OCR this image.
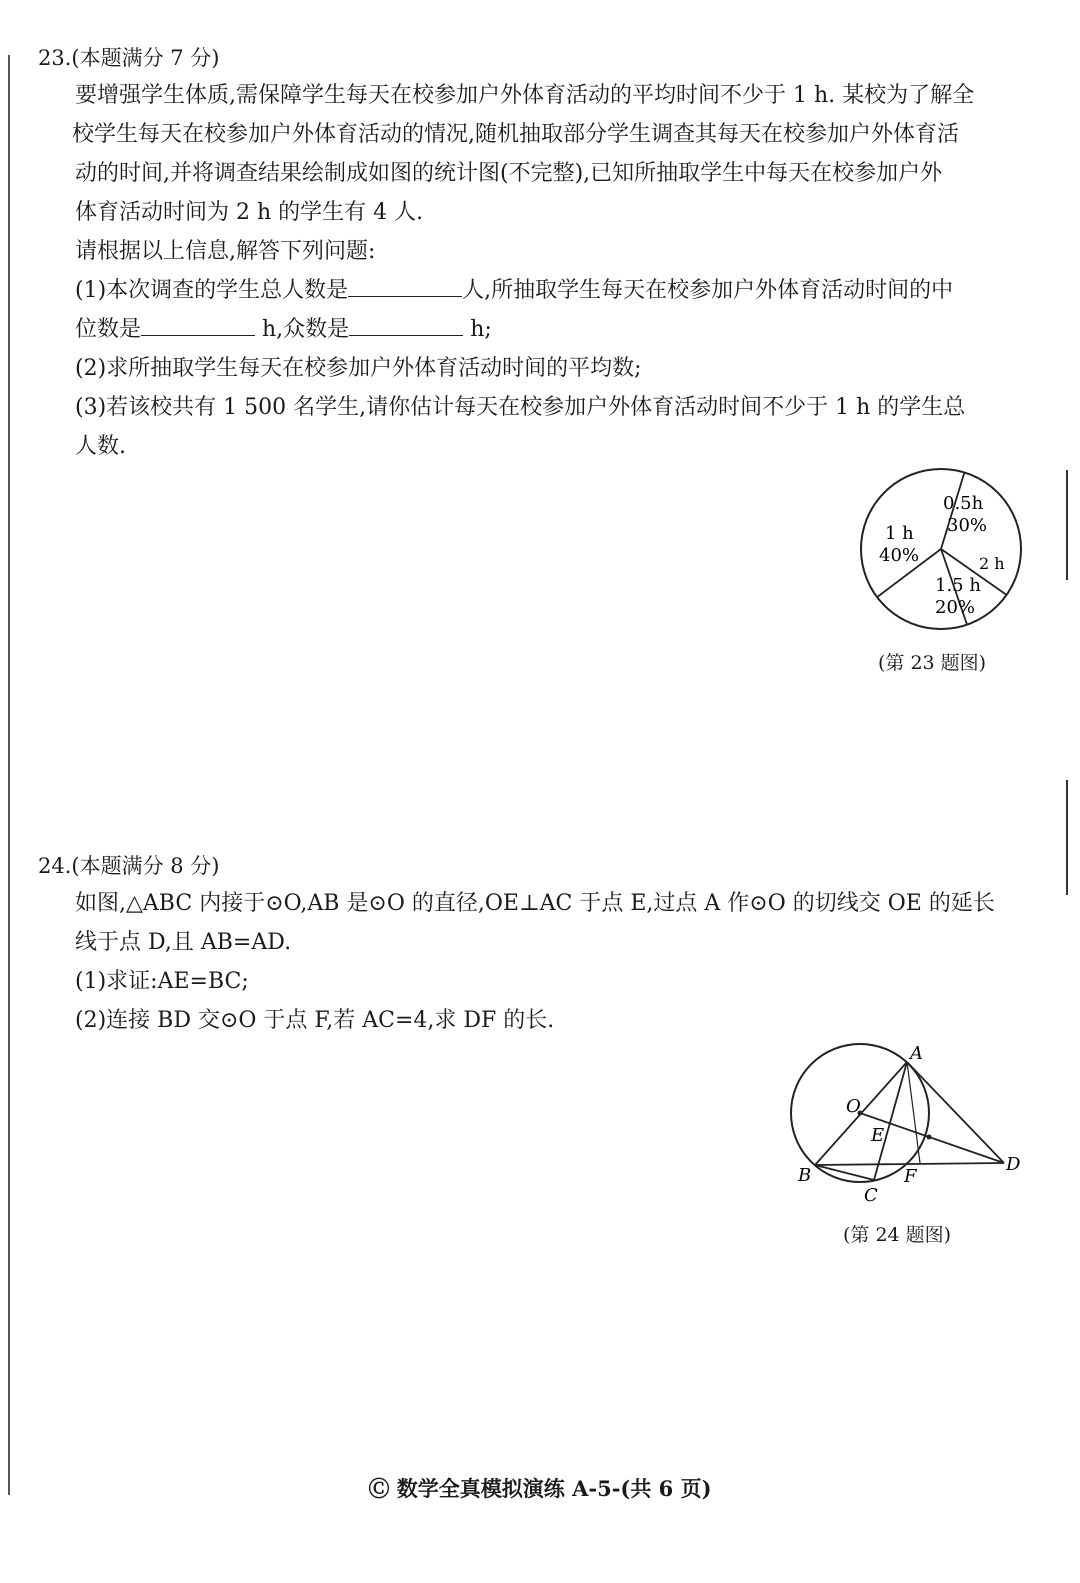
23.(本题满分 7 分)
要增强学生体质,需保障学生每天在校参加户外体育活动的平均时间不少于 1 h. 某校为了解全
校学生每天在校参加户外体育活动的情况,随机抽取部分学生调查其每天在校参加户外体育活
动的时间,并将调查结果绘制成如图的统计图(不完整),已知所抽取学生中每天在校参加户外
体育活动时间为 2 h 的学生有 4 人.
请根据以上信息,解答下列问题:
(1)本次调查的学生总人数是	人,所抽取学生每天在校参加户外体育活动时间的中
位数是	h,众数是	h;
(2)求所抽取学生每天在校参加户外体育活动时间的平均数;
(3)若该校共有 1 500 名学生,请你估计每天在校参加户外体育活动时间不少于 1 h 的学生总
人数.
0.5h
30%
2 h
1.5 h
20%
1 h
40%
(第 23 题图)
24.(本题满分 8 分)
如图,△ABC 内接于⊙O,AB 是⊙O 的直径,OE⊥AC 于点 E,过点 A 作⊙O 的切线交 OE 的延长
线于点 D,且 AB=AD.
(1)求证:AE=BC;
(2)连接 BD 交⊙O 于点 F,若 AC=4,求 DF 的长.
A
O
E
B
C
F
D
(第 24 题图)
Ⓒ 数学全真模拟演练 A-5-(共 6 页)
